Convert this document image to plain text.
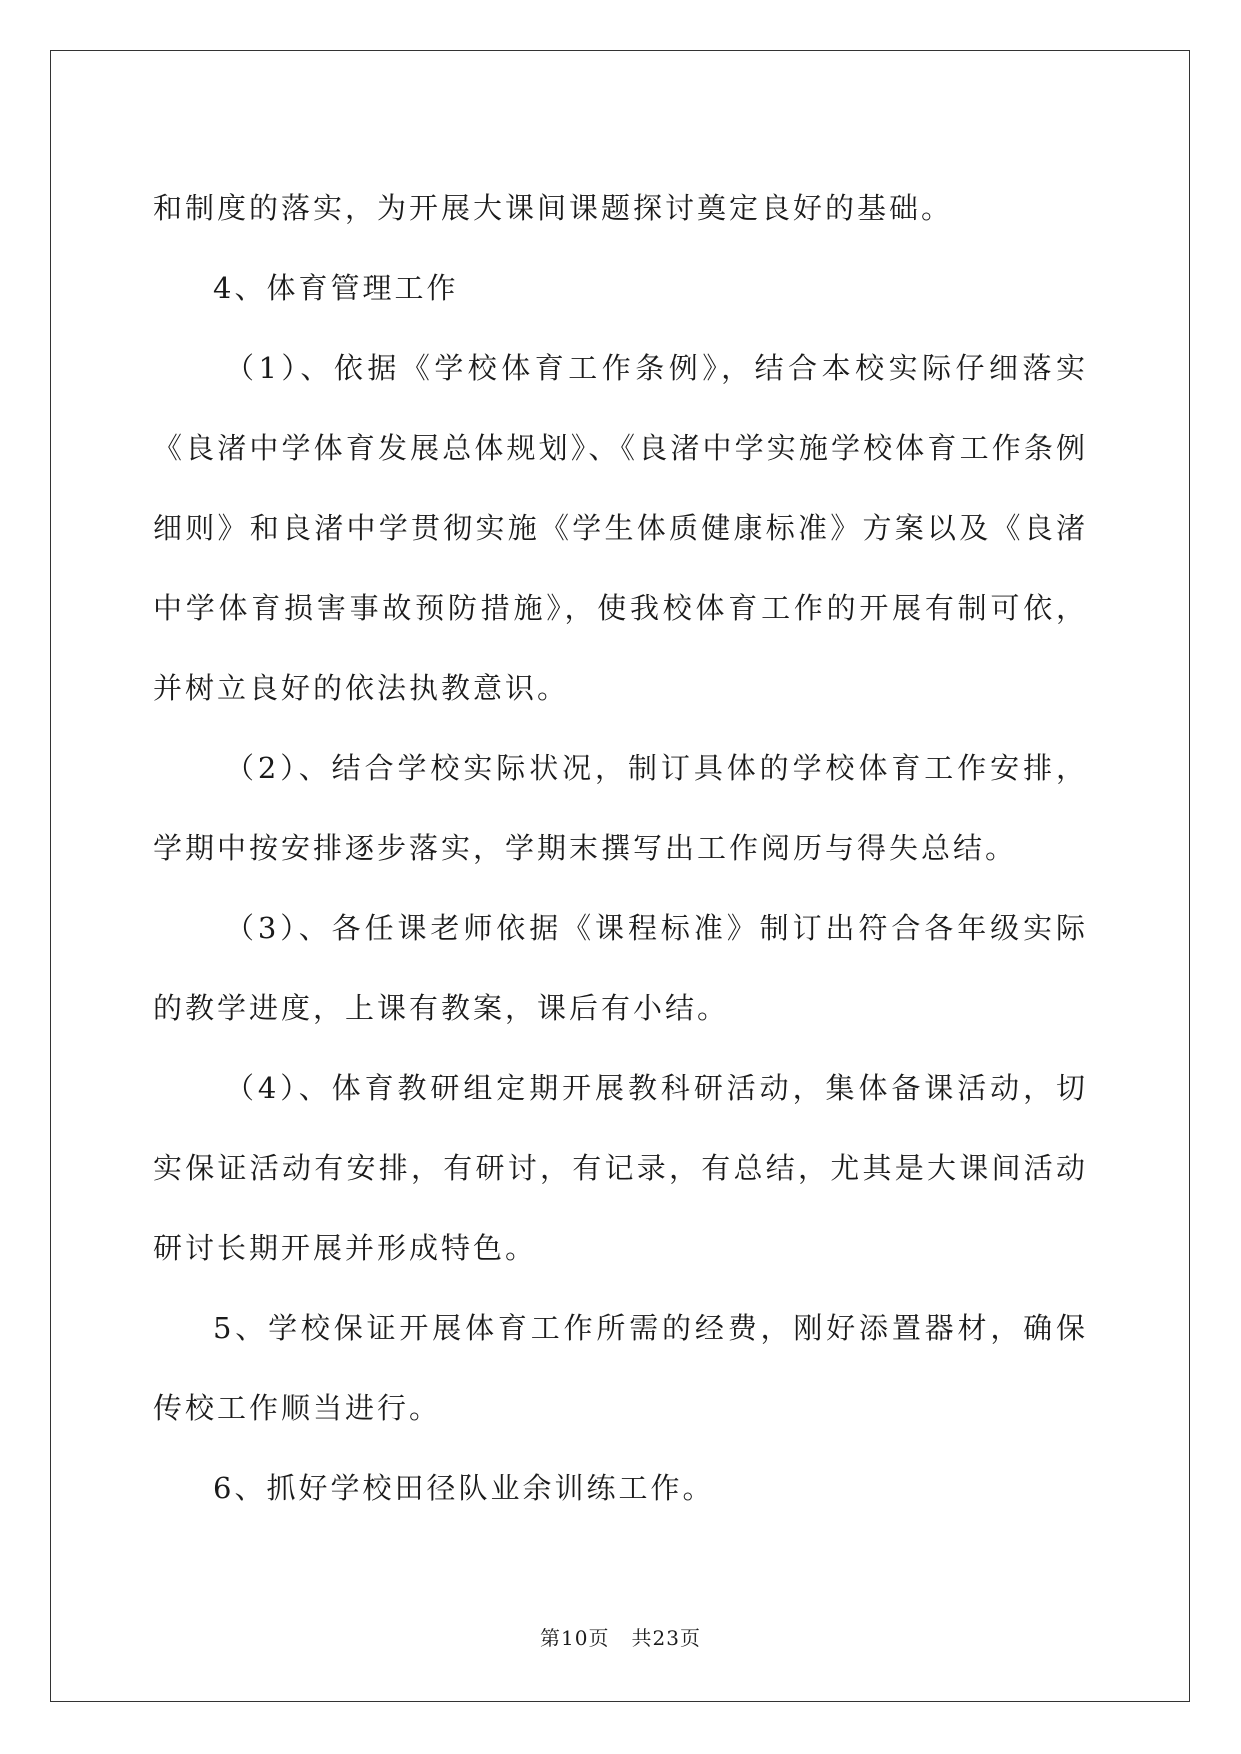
和制度的落实，为开展大课间课题探讨奠定良好的基础。

4、体育管理工作

（1）、依据《学校体育工作条例》，结合本校实际仔细落实《良渚中学体育发展总体规划》、《良渚中学实施学校体育工作条例细则》和良渚中学贯彻实施《学生体质健康标准》方案以及《良渚中学体育损害事故预防措施》，使我校体育工作的开展有制可依，并树立良好的依法执教意识。

（2）、结合学校实际状况，制订具体的学校体育工作安排，学期中按安排逐步落实，学期末撰写出工作阅历与得失总结。

（3）、各任课老师依据《课程标准》制订出符合各年级实际的教学进度，上课有教案，课后有小结。

（4）、体育教研组定期开展教科研活动，集体备课活动，切实保证活动有安排，有研讨，有记录，有总结，尤其是大课间活动研讨长期开展并形成特色。

5、学校保证开展体育工作所需的经费，刚好添置器材，确保传校工作顺当进行。

6、抓好学校田径队业余训练工作。

第10页 共23页
